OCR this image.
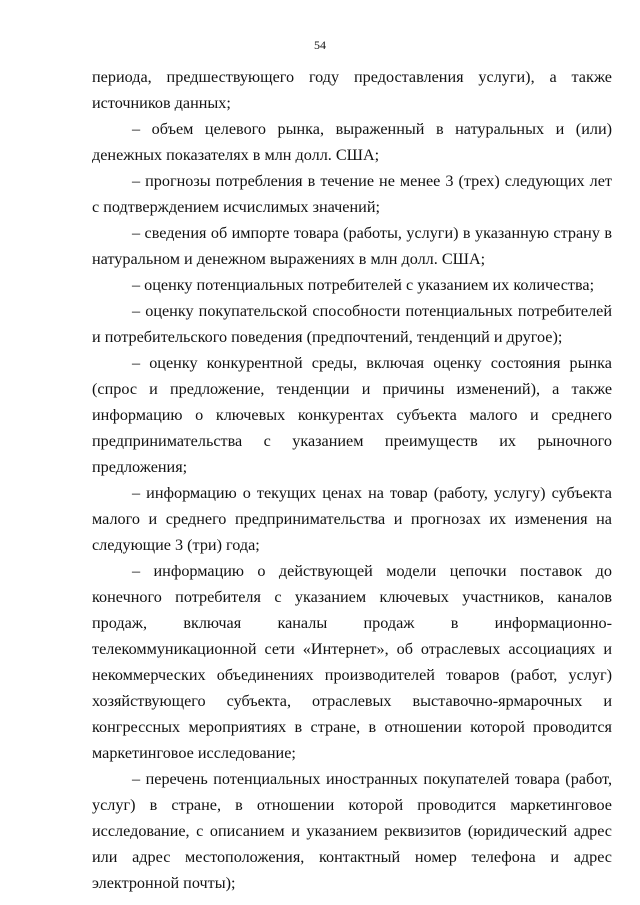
54

периода, предшествующего году предоставления услуги), а также источников данных;

– объем целевого рынка, выраженный в натуральных и (или) денежных показателях в млн долл. США;

– прогнозы потребления в течение не менее 3 (трех) следующих лет с подтверждением исчислимых значений;

– сведения об импорте товара (работы, услуги) в указанную страну в натуральном и денежном выражениях в млн долл. США;

– оценку потенциальных потребителей с указанием их количества;

– оценку покупательской способности потенциальных потребителей и потребительского поведения (предпочтений, тенденций и другое);

– оценку конкурентной среды, включая оценку состояния рынка (спрос и предложение, тенденции и причины изменений), а также информацию о ключевых конкурентах субъекта малого и среднего предпринимательства с указанием преимуществ их рыночного предложения;

– информацию о текущих ценах на товар (работу, услугу) субъекта малого и среднего предпринимательства и прогнозах их изменения на следующие 3 (три) года;

– информацию о действующей модели цепочки поставок до конечного потребителя с указанием ключевых участников, каналов продаж, включая каналы продаж в информационно-телекоммуникационной сети «Интернет», об отраслевых ассоциациях и некоммерческих объединениях производителей товаров (работ, услуг) хозяйствующего субъекта, отраслевых выставочно-ярмарочных и конгрессных мероприятиях в стране, в отношении которой проводится маркетинговое исследование;

– перечень потенциальных иностранных покупателей товара (работ, услуг) в стране, в отношении которой проводится маркетинговое исследование, с описанием и указанием реквизитов (юридический адрес или адрес местоположения, контактный номер телефона и адрес электронной почты);
